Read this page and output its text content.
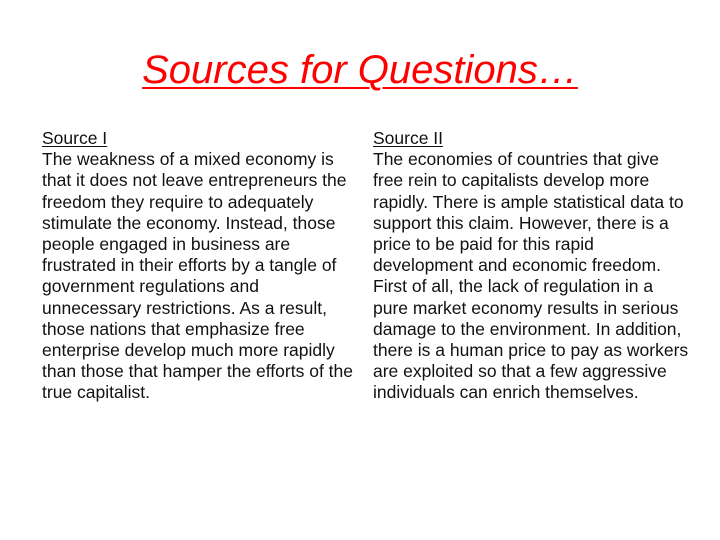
Sources for Questions…
Source I

The weakness of a mixed economy is that it does not leave entrepreneurs the freedom they require to adequately stimulate the economy. Instead, those people engaged in business are frustrated in their efforts by a tangle of government regulations and unnecessary restrictions. As a result, those nations that emphasize free enterprise develop much more rapidly than those that hamper the efforts of the true capitalist.

Source II

The economies of countries that give free rein to capitalists develop more rapidly. There is ample statistical data to support this claim. However, there is a price to be paid for this rapid development and economic freedom. First of all, the lack of regulation in a pure market economy results in serious damage to the environment. In addition, there is a human price to pay as workers are exploited so that a few aggressive individuals can enrich themselves.
